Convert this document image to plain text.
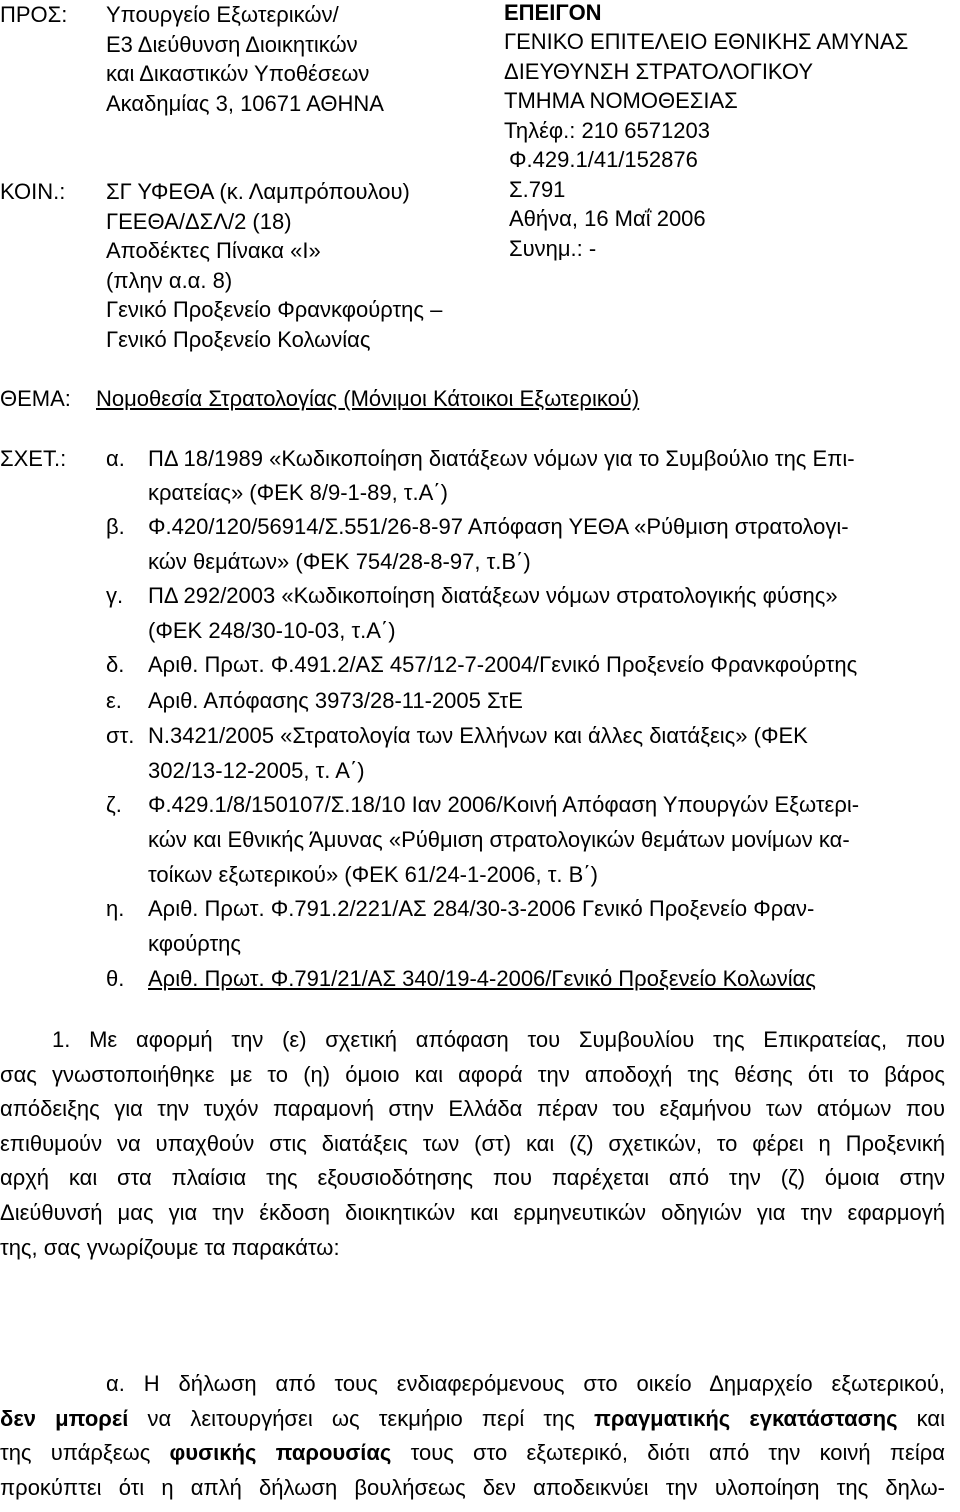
ΠΡΟΣ: Υπουργείο Εξωτερικών/
Ε3 Διεύθυνση Διοικητικών
και Δικαστικών Υποθέσεων
Ακαδημίας 3, 10671 ΑΘΗΝΑ
ΚΟΙΝ.: ΣΓ ΥΦΕΘΑ (κ. Λαμπρόπουλου)
ΓΕΕΘΑ/ΔΣΛ/2 (18)
Αποδέκτες Πίνακα «Ι»
(πλην α.α. 8)
Γενικό Προξενείο Φρανκφούρτης –
Γενικό Προξενείο Κολωνίας
ΕΠΕΙΓΟΝ
ΓΕΝΙΚΟ ΕΠΙΤΕΛΕΙΟ ΕΘΝΙΚΗΣ ΑΜΥΝΑΣ
ΔΙΕΥΘΥΝΣΗ ΣΤΡΑΤΟΛΟΓΙΚΟΥ
ΤΜΗΜΑ ΝΟΜΟΘΕΣΙΑΣ
Τηλέφ.: 210 6571203
Φ.429.1/41/152876
Σ.791
Αθήνα, 16 Μαΐ 2006
Συνημ.: -
ΘΕΜΑ: Νομοθεσία Στρατολογίας (Μόνιμοι Κάτοικοι Εξωτερικού)
ΣΧΕΤ.: α. ΠΔ 18/1989 «Κωδικοποίηση διατάξεων νόμων για το Συμβούλιο της Επι-
κρατείας» (ΦΕΚ 8/9-1-89, τ.Α΄)
β. Φ.420/120/56914/Σ.551/26-8-97 Απόφαση ΥΕΘΑ «Ρύθμιση στρατολογι-
κών θεμάτων» (ΦΕΚ 754/28-8-97, τ.Β΄)
γ. ΠΔ 292/2003 «Κωδικοποίηση διατάξεων νόμων στρατολογικής φύσης»
(ΦΕΚ 248/30-10-03, τ.Α΄)
δ. Αριθ. Πρωτ. Φ.491.2/ΑΣ 457/12-7-2004/Γενικό Προξενείο Φρανκφούρτης
ε. Αριθ. Απόφασης 3973/28-11-2005 ΣτΕ
στ. Ν.3421/2005 «Στρατολογία των Ελλήνων και άλλες διατάξεις» (ΦΕΚ
302/13-12-2005, τ. Α΄)
ζ. Φ.429.1/8/150107/Σ.18/10 Ιαν 2006/Κοινή Απόφαση Υπουργών Εξωτερι-
κών και Εθνικής Άμυνας «Ρύθμιση στρατολογικών θεμάτων μονίμων κα-
τοίκων εξωτερικού» (ΦΕΚ 61/24-1-2006, τ. Β΄)
η. Αριθ. Πρωτ. Φ.791.2/221/ΑΣ 284/30-3-2006 Γενικό Προξενείο Φραν-
κφούρτης
θ. Αριθ. Πρωτ. Φ.791/21/ΑΣ 340/19-4-2006/Γενικό Προξενείο Κολωνίας
1. Με αφορμή την (ε) σχετική απόφαση του Συμβουλίου της Επικρατείας, που
σας γνωστοποιήθηκε με το (η) όμοιο και αφορά την αποδοχή της θέσης ότι το βάρος
απόδειξης για την τυχόν παραμονή στην Ελλάδα πέραν του εξαμήνου των ατόμων που
επιθυμούν να υπαχθούν στις διατάξεις των (στ) και (ζ) σχετικών, το φέρει η Προξενική
αρχή και στα πλαίσια της εξουσιοδότησης που παρέχεται από την (ζ) όμοια στην
Διεύθυνσή μας για την έκδοση διοικητικών και ερμηνευτικών οδηγιών για την εφαρμογή
της, σας γνωρίζουμε τα παρακάτω:
α. Η δήλωση από τους ενδιαφερόμενους στο οικείο Δημαρχείο εξωτερικού,
δεν μπορεί να λειτουργήσει ως τεκμήριο περί της πραγματικής εγκατάστασης και
της υπάρξεως φυσικής παρουσίας τους στο εξωτερικό, διότι από την κοινή πείρα
προκύπτει ότι η απλή δήλωση βουλήσεως δεν αποδεικνύει την υλοποίηση της δηλω-
